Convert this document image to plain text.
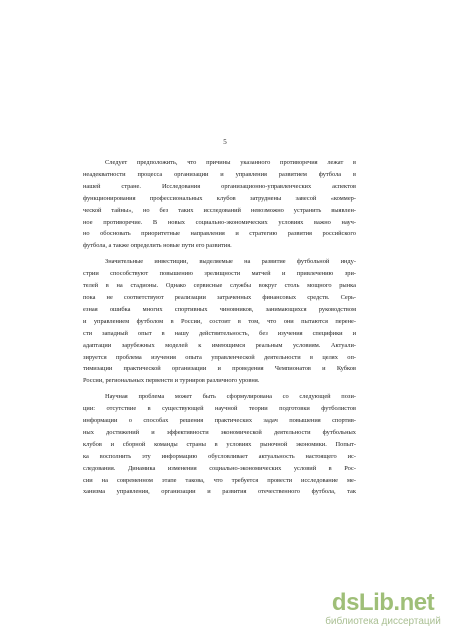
5
Следует предположить, что причины указанного противоречия лежат в
неадекватности процесса организации и управления развитием футбола в
нашей стране. Исследования организационно-управленческих аспектов
функционирования профессиональных клубов затруднены завесой «коммер-
ческой тайны», но без таких исследований невозможно устранить выявлен-
ное противоречие. В новых социально-экономических условиях важно науч-
но обосновать приоритетные направления и стратегию развития российского
футбола, а также определить новые пути его развития.
Значительные инвестиции, выделяемые на развитие футбольной инду-
стрии способствуют повышению зрелищности матчей и привлечению зри-
телей в на стадионы. Однако сервисные службы вокруг столь мощного рынка
пока не соответствуют реализации затраченных финансовых средств. Серь-
езная ошибка многих спортивных чиновников, занимающихся руководством
и управлением футболом в России, состоит в том, что они пытаются перене-
сти западный опыт в нашу действительность, без изучения специфики и
адаптации зарубежных моделей к имеющимся реальным условиям. Актуали-
зируется проблема изучения опыта управленческой деятельности в целях оп-
тимизации практической организации и проведения Чемпионатов и Кубков
России, региональных первенств и турниров различного уровня.
Научная проблема может быть сформулирована со следующей пози-
ции: отсутствие в существующей научной теории подготовки футболистов
информации о способах решения практических задач повышения спортив-
ных достижений и эффективности экономической деятельности футбольных
клубов и сборной команды страны в условиях рыночной экономики. Попыт-
ка восполнить эту информацию обусловливает актуальность настоящего ис-
следования. Динамика изменения социально-экономических условий в Рос-
сии на современном этапе такова, что требуется провести исследование ме-
ханизма управления, организации и развития отечественного футбола, так
dsLib.net
библиотека диссертаций
